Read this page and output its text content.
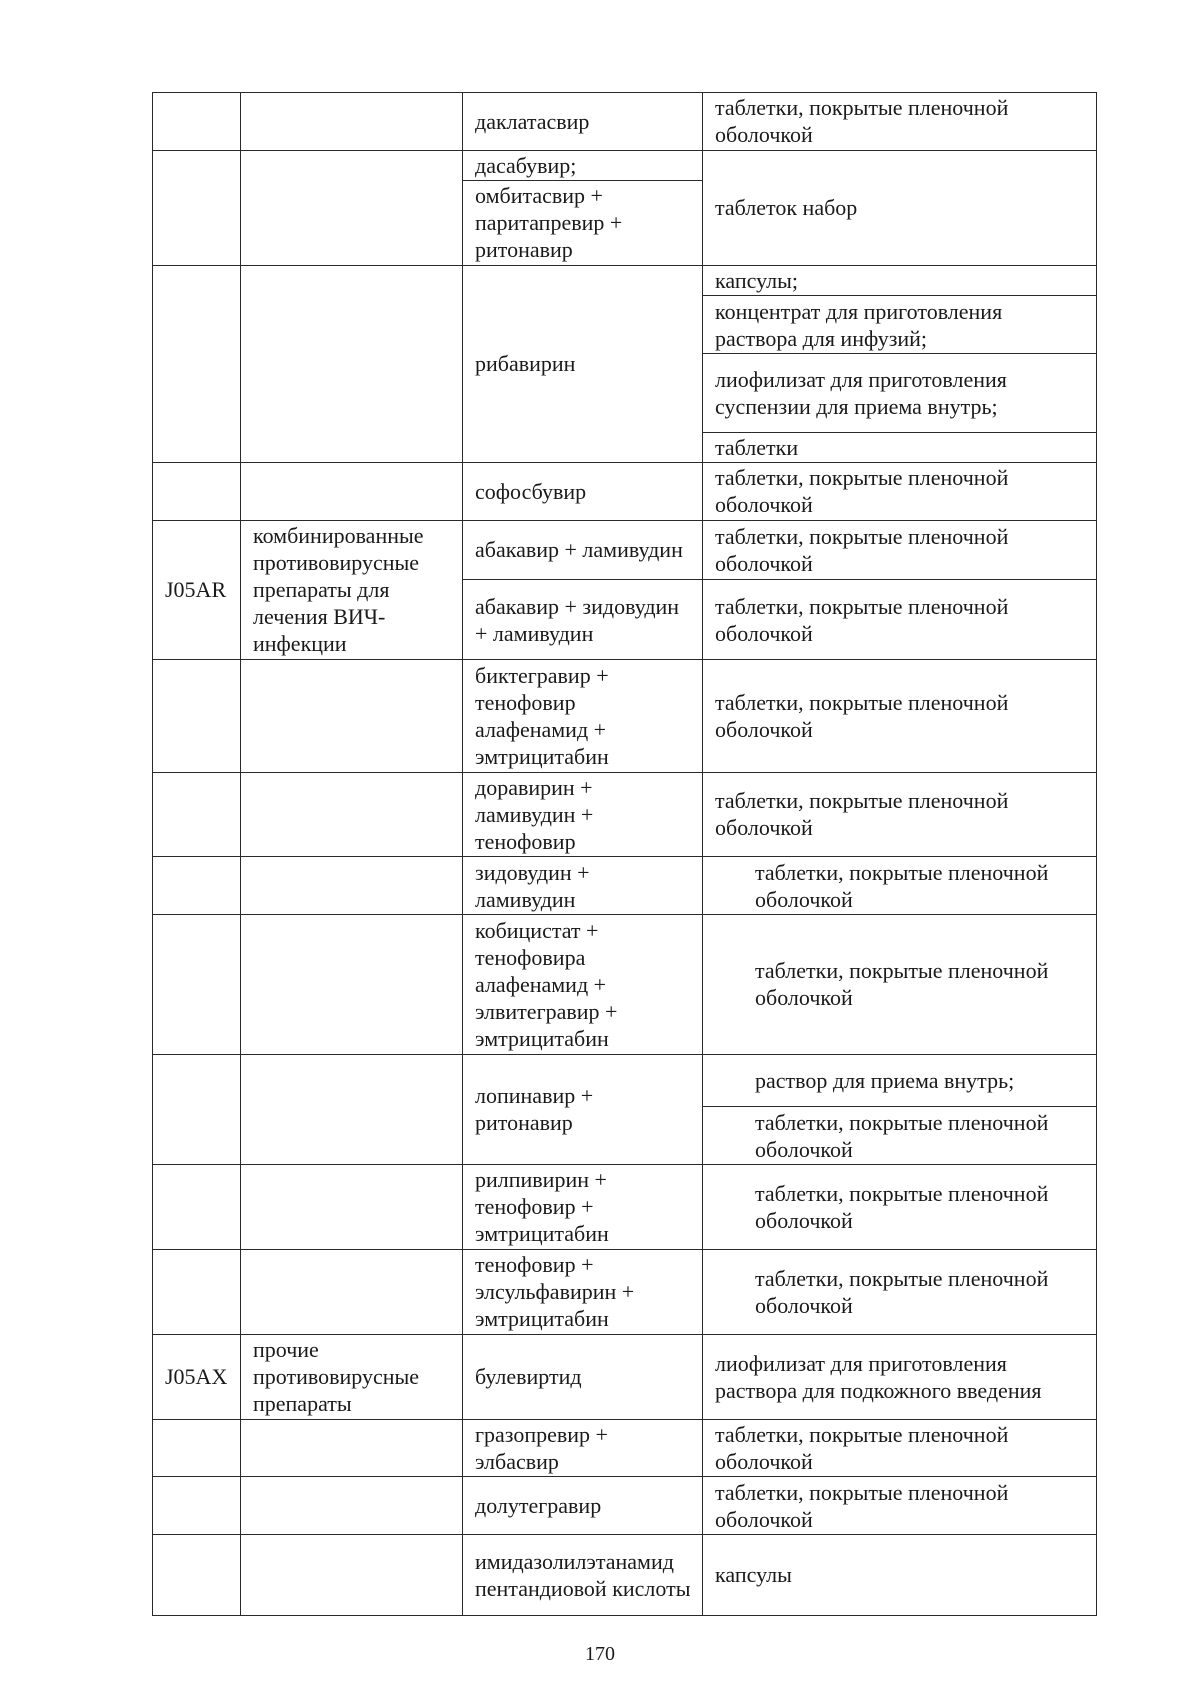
		даклатасвир	таблетки, покрытые пленочной оболочкой
		дасабувир;	таблеток набор
		омбитасвир + паритапревир + ритонавир	
		рибавирин	капсулы;
			концентрат для приготовления раствора для инфузий;
			лиофилизат для приготовления суспензии для приема внутрь;
			таблетки
		софосбувир	таблетки, покрытые пленочной оболочкой
J05AR	комбинированные противовирусные препараты для лечения ВИЧ-инфекции	абакавир + ламивудин	таблетки, покрытые пленочной оболочкой
		абакавир + зидовудин + ламивудин	таблетки, покрытые пленочной оболочкой
		биктегравир + тенофовир алафенамид + эмтрицитабин	таблетки, покрытые пленочной оболочкой
		доравирин + ламивудин + тенофовир	таблетки, покрытые пленочной оболочкой
		зидовудин + ламивудин	таблетки, покрытые пленочной оболочкой
		кобицистат + тенофовира алафенамид + элвитегравир + эмтрицитабин	таблетки, покрытые пленочной оболочкой
		лопинавир + ритонавир	раствор для приема внутрь;
			таблетки, покрытые пленочной оболочкой
		рилпивирин + тенофовир + эмтрицитабин	таблетки, покрытые пленочной оболочкой
		тенофовир + элсульфавирин + эмтрицитабин	таблетки, покрытые пленочной оболочкой
J05AX	прочие противовирусные препараты	булевиртид	лиофилизат для приготовления раствора для подкожного введения
		гразопревир + элбасвир	таблетки, покрытые пленочной оболочкой
		долутегравир	таблетки, покрытые пленочной оболочкой
		имидазолилэтанамид пентандиовой кислоты	капсулы
170
